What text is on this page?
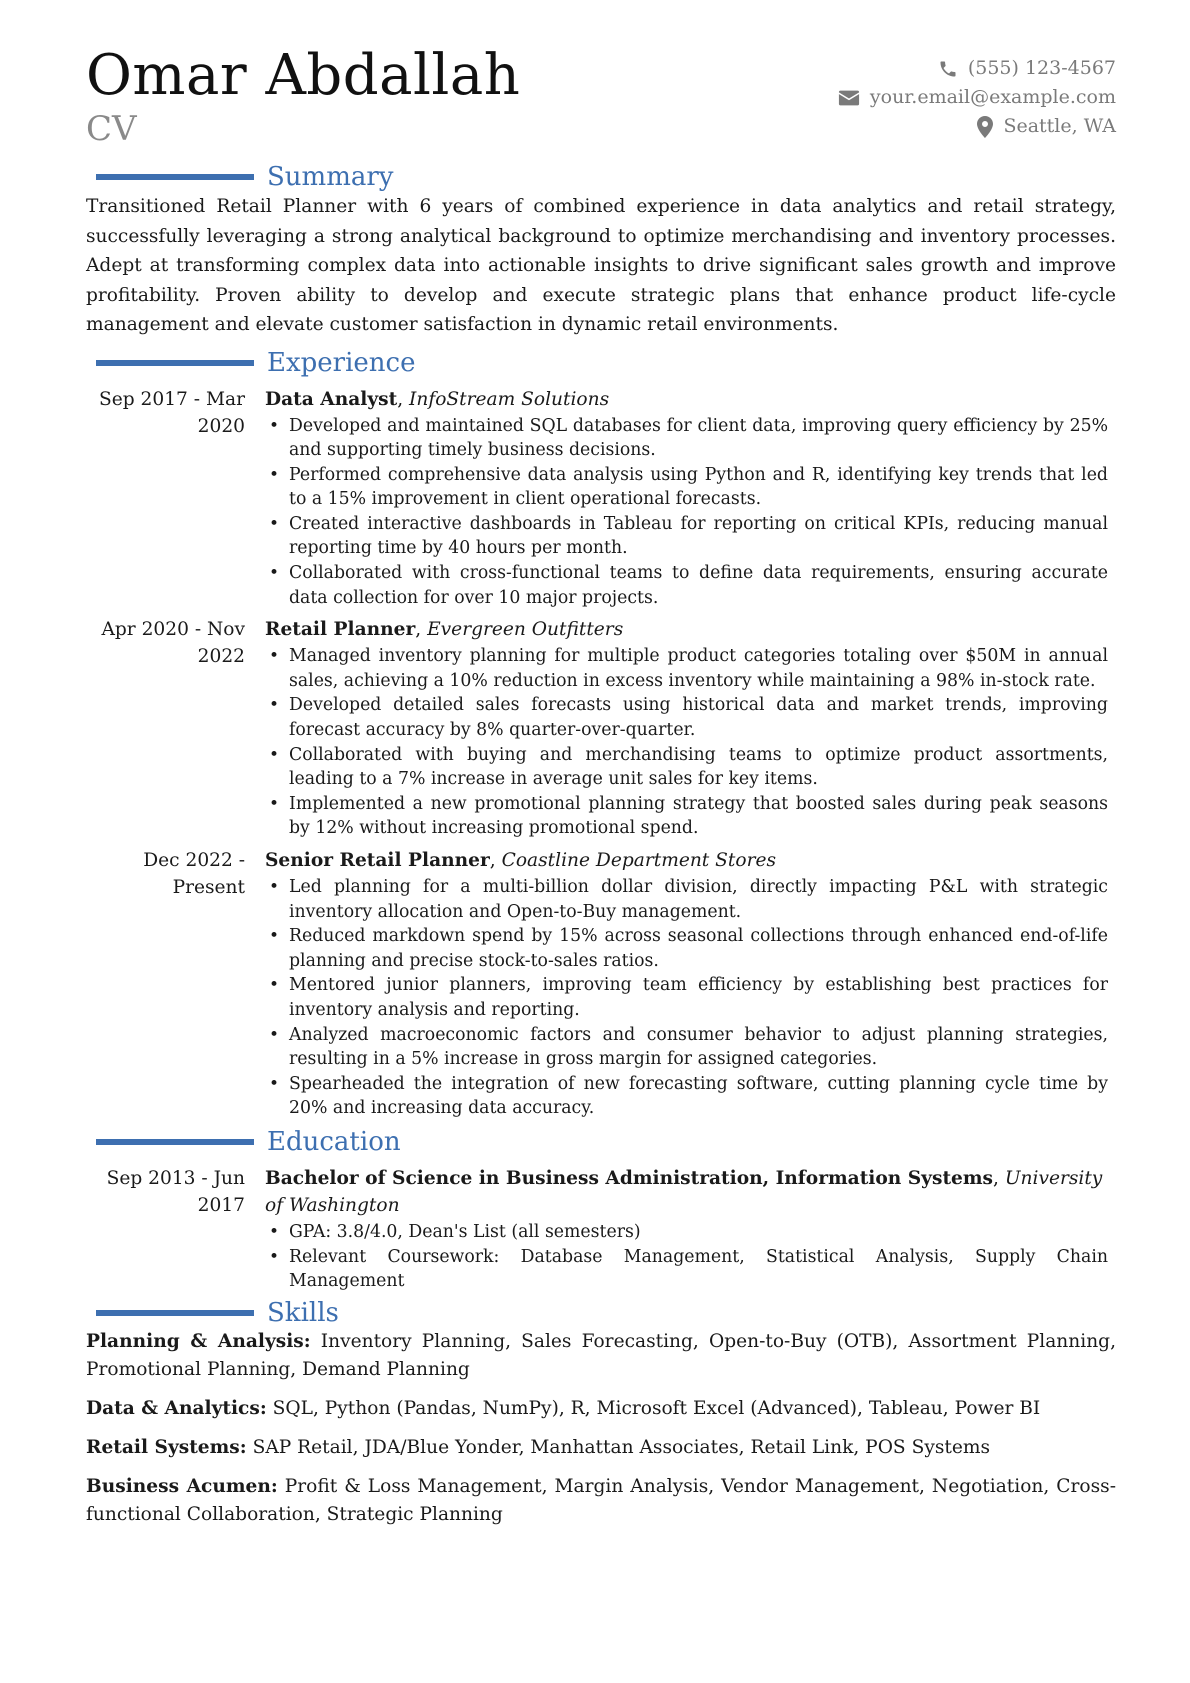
Omar Abdallah
CV
(555) 123-4567
your.email@example.com
Seattle, WA
Summary

Transitioned Retail Planner with 6 years of combined experience in data analytics and retail strategy, successfully leveraging a strong analytical background to optimize merchandising and inventory processes. Adept at transforming complex data into actionable insights to drive significant sales growth and improve profitability. Proven ability to develop and execute strategic plans that enhance product life-cycle management and elevate customer satisfaction in dynamic retail environments.

Experience
Sep 2017 - Mar 2020
Data Analyst, InfoStream Solutions
• Developed and maintained SQL databases for client data, improving query efficiency by 25% and supporting timely business decisions.
• Performed comprehensive data analysis using Python and R, identifying key trends that led to a 15% improvement in client operational forecasts.
• Created interactive dashboards in Tableau for reporting on critical KPIs, reducing manual reporting time by 40 hours per month.
• Collaborated with cross-functional teams to define data requirements, ensuring accurate data collection for over 10 major projects.
Apr 2020 - Nov 2022
Retail Planner, Evergreen Outfitters
• Managed inventory planning for multiple product categories totaling over $50M in annual sales, achieving a 10% reduction in excess inventory while maintaining a 98% in-stock rate.
• Developed detailed sales forecasts using historical data and market trends, improving forecast accuracy by 8% quarter-over-quarter.
• Collaborated with buying and merchandising teams to optimize product assortments, leading to a 7% increase in average unit sales for key items.
• Implemented a new promotional planning strategy that boosted sales during peak seasons by 12% without increasing promotional spend.
Dec 2022 - Present
Senior Retail Planner, Coastline Department Stores
• Led planning for a multi-billion dollar division, directly impacting P&L with strategic inventory allocation and Open-to-Buy management.
• Reduced markdown spend by 15% across seasonal collections through enhanced end-of-life planning and precise stock-to-sales ratios.
• Mentored junior planners, improving team efficiency by establishing best practices for inventory analysis and reporting.
• Analyzed macroeconomic factors and consumer behavior to adjust planning strategies, resulting in a 5% increase in gross margin for assigned categories.
• Spearheaded the integration of new forecasting software, cutting planning cycle time by 20% and increasing data accuracy.
Education
Sep 2013 - Jun 2017
Bachelor of Science in Business Administration, Information Systems, University of Washington
• GPA: 3.8/4.0, Dean's List (all semesters)
• Relevant Coursework: Database Management, Statistical Analysis, Supply Chain Management
Skills

Planning & Analysis: Inventory Planning, Sales Forecasting, Open-to-Buy (OTB), Assortment Planning, Promotional Planning, Demand Planning

Data & Analytics: SQL, Python (Pandas, NumPy), R, Microsoft Excel (Advanced), Tableau, Power BI

Retail Systems: SAP Retail, JDA/Blue Yonder, Manhattan Associates, Retail Link, POS Systems

Business Acumen: Profit & Loss Management, Margin Analysis, Vendor Management, Negotiation, Cross-functional Collaboration, Strategic Planning
